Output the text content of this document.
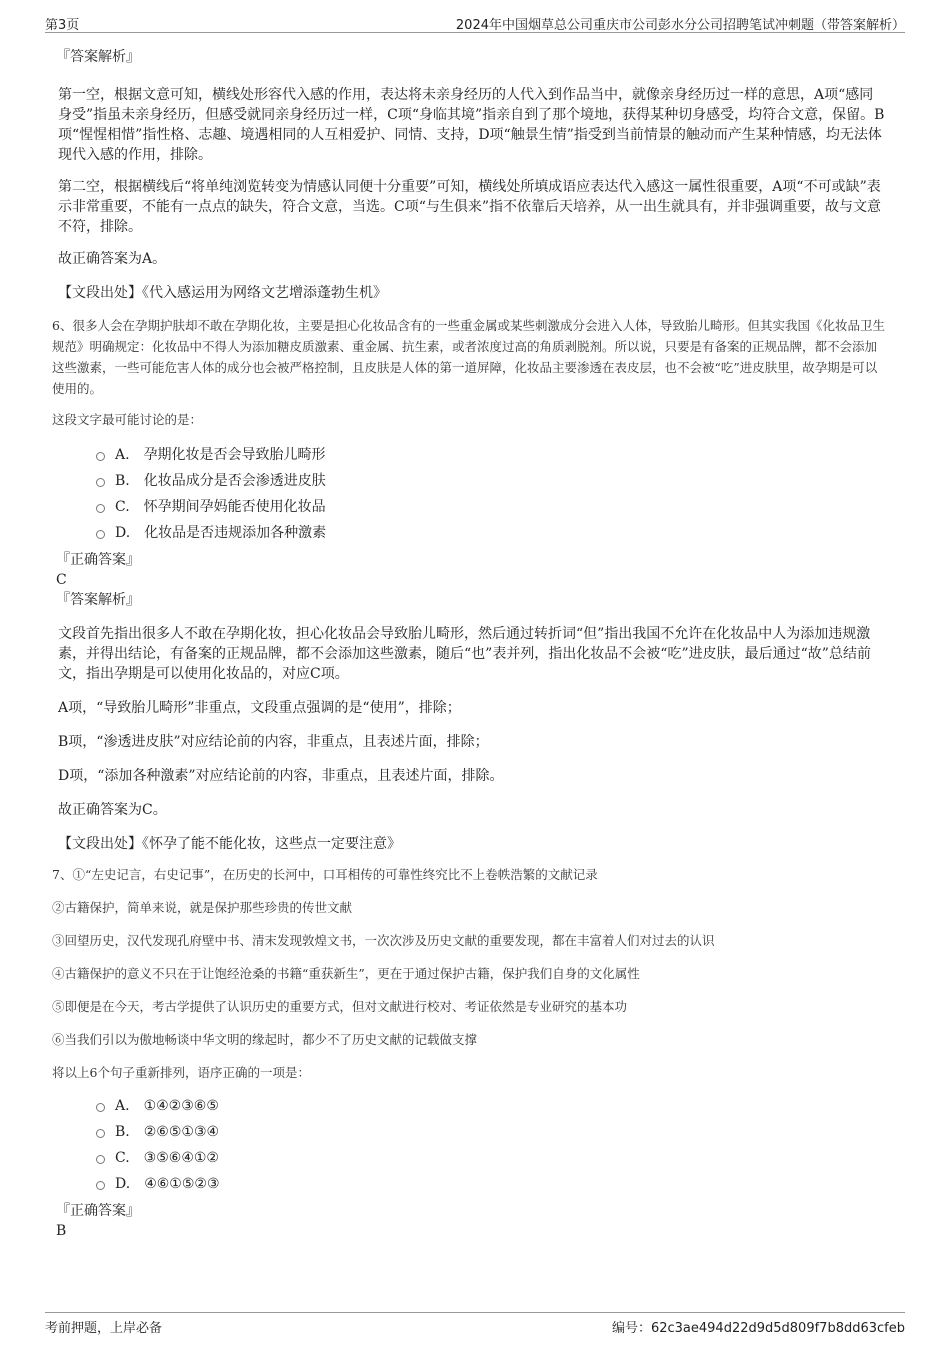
第3页	2024年中国烟草总公司重庆市公司彭水分公司招聘笔试冲刺题（带答案解析）

『答案解析』

第一空，根据文意可知，横线处形容代入感的作用，表达将未亲身经历的人代入到作品当中，就像亲身经历过一样的意思，A项“感同身受”指虽未亲身经历，但感受就同亲身经历过一样，C项“身临其境”指亲自到了那个境地，获得某种切身感受，均符合文意，保留。B项“惺惺相惜”指性格、志趣、境遇相同的人互相爱护、同情、支持，D项“触景生情”指受到当前情景的触动而产生某种情感，均无法体现代入感的作用，排除。

第二空，根据横线后“将单纯浏览转变为情感认同便十分重要”可知，横线处所填成语应表达代入感这一属性很重要，A项“不可或缺”表示非常重要，不能有一点点的缺失，符合文意，当选。C项“与生俱来”指不依靠后天培养，从一出生就具有，并非强调重要，故与文意不符，排除。

故正确答案为A。

【文段出处】《代入感运用为网络文艺增添蓬勃生机》

6、很多人会在孕期护肤却不敢在孕期化妆，主要是担心化妆品含有的一些重金属或某些刺激成分会进入人体，导致胎儿畸形。但其实我国《化妆品卫生规范》明确规定：化妆品中不得人为添加糖皮质激素、重金属、抗生素，或者浓度过高的角质剥脱剂。所以说，只要是有备案的正规品牌，都不会添加这些激素，一些可能危害人体的成分也会被严格控制，且皮肤是人体的第一道屏障，化妆品主要渗透在表皮层，也不会被“吃”进皮肤里，故孕期是可以使用的。

这段文字最可能讨论的是：

A. 孕期化妆是否会导致胎儿畸形
B. 化妆品成分是否会渗透进皮肤
C. 怀孕期间孕妈能否使用化妆品
D. 化妆品是否违规添加各种激素

『正确答案』

C

『答案解析』

文段首先指出很多人不敢在孕期化妆，担心化妆品会导致胎儿畸形，然后通过转折词“但”指出我国不允许在化妆品中人为添加违规激素，并得出结论，有备案的正规品牌，都不会添加这些激素，随后“也”表并列，指出化妆品不会被“吃”进皮肤，最后通过“故”总结前文，指出孕期是可以使用化妆品的，对应C项。

A项，“导致胎儿畸形”非重点，文段重点强调的是“使用”，排除；

B项，“渗透进皮肤”对应结论前的内容，非重点，且表述片面，排除；

D项，“添加各种激素”对应结论前的内容，非重点，且表述片面，排除。

故正确答案为C。

【文段出处】《怀孕了能不能化妆，这些点一定要注意》

7、①“左史记言，右史记事”，在历史的长河中，口耳相传的可靠性终究比不上卷帙浩繁的文献记录

②古籍保护，简单来说，就是保护那些珍贵的传世文献

③回望历史，汉代发现孔府壁中书、清末发现敦煌文书，一次次涉及历史文献的重要发现，都在丰富着人们对过去的认识

④古籍保护的意义不只在于让饱经沧桑的书籍“重获新生”，更在于通过保护古籍，保护我们自身的文化属性

⑤即便是在今天，考古学提供了认识历史的重要方式，但对文献进行校对、考证依然是专业研究的基本功

⑥当我们引以为傲地畅谈中华文明的缘起时，都少不了历史文献的记载做支撑

将以上6个句子重新排列，语序正确的一项是：

A. ①④②③⑥⑤
B. ②⑥⑤①③④
C. ③⑤⑥④①②
D. ④⑥①⑤②③

『正确答案』

B

考前押题，上岸必备	编号：62c3ae494d22d9d5d809f7b8dd63cfeb
